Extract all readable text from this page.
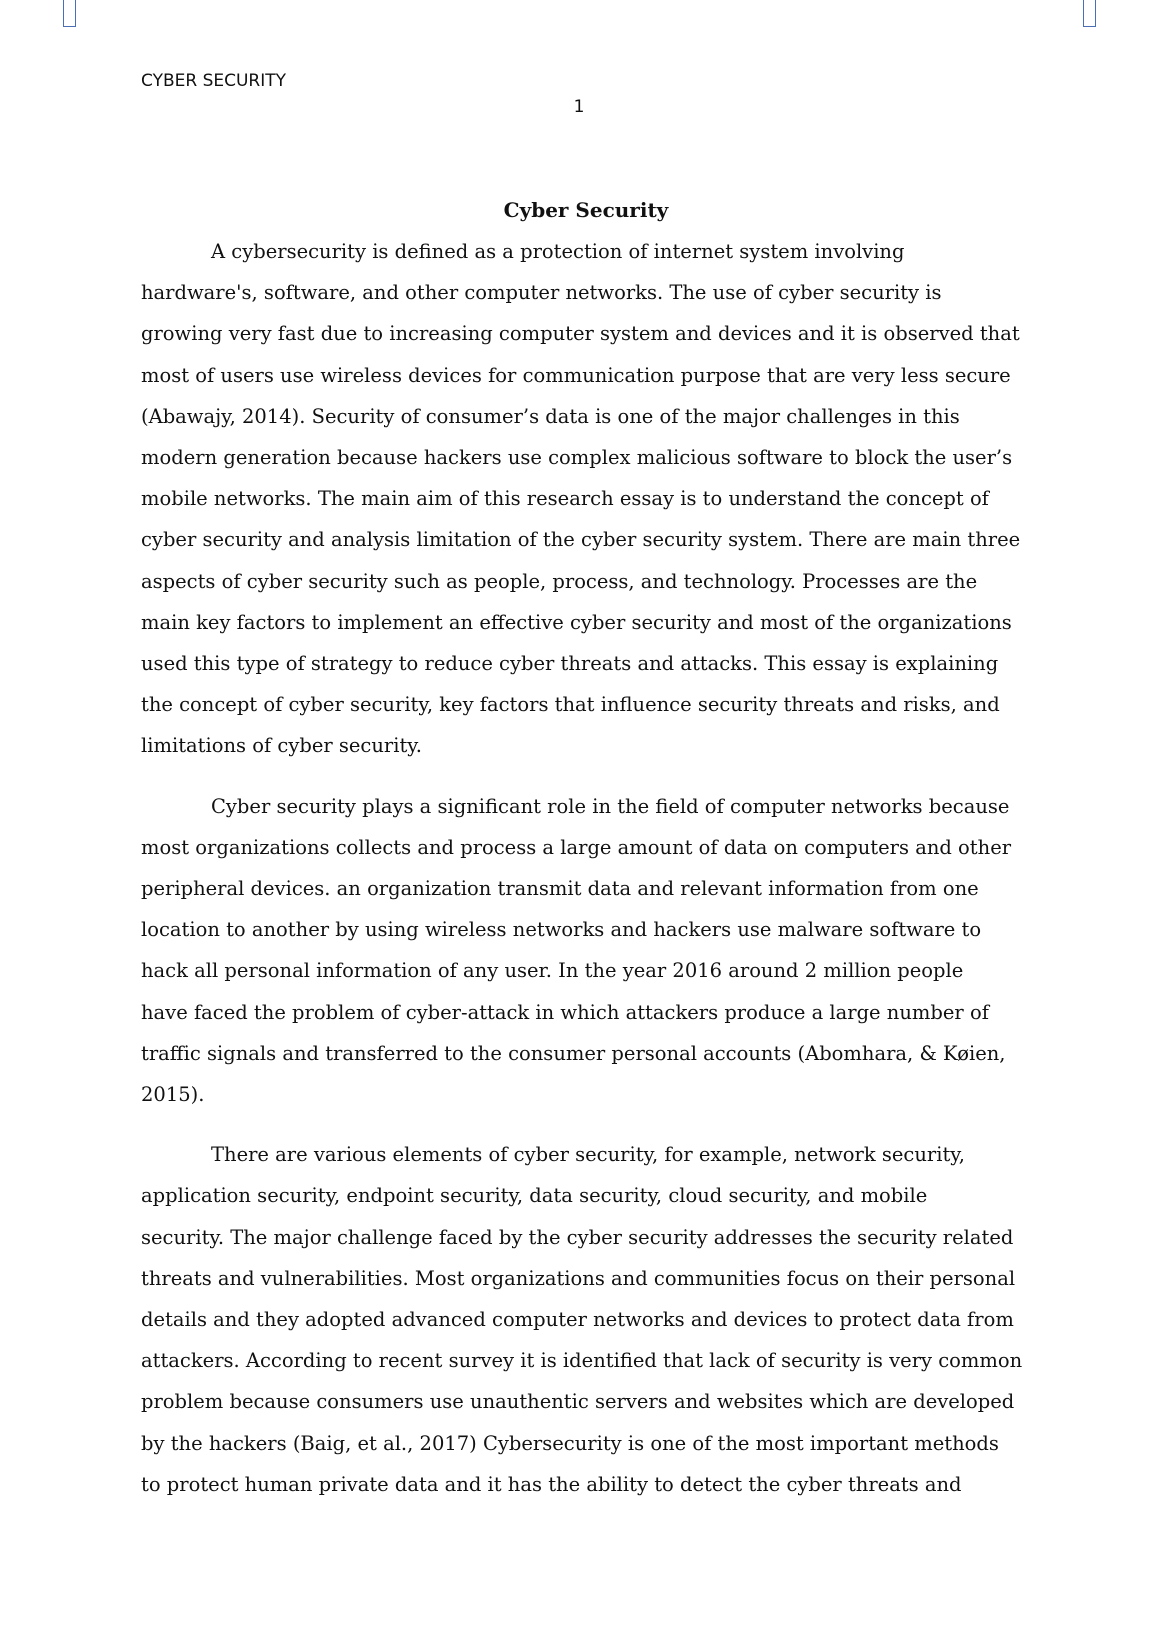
CYBER SECURITY
1
Cyber Security
A cybersecurity is defined as a protection of internet system involving
hardware's, software, and other computer networks. The use of cyber security is
growing very fast due to increasing computer system and devices and it is observed that
most of users use wireless devices for communication purpose that are very less secure
(Abawajy, 2014). Security of consumer’s data is one of the major challenges in this
modern generation because hackers use complex malicious software to block the user’s
mobile networks. The main aim of this research essay is to understand the concept of
cyber security and analysis limitation of the cyber security system. There are main three
aspects of cyber security such as people, process, and technology. Processes are the
main key factors to implement an effective cyber security and most of the organizations
used this type of strategy to reduce cyber threats and attacks. This essay is explaining
the concept of cyber security, key factors that influence security threats and risks, and
limitations of cyber security.
Cyber security plays a significant role in the field of computer networks because
most organizations collects and process a large amount of data on computers and other
peripheral devices. an organization transmit data and relevant information from one
location to another by using wireless networks and hackers use malware software to
hack all personal information of any user. In the year 2016 around 2 million people
have faced the problem of cyber-attack in which attackers produce a large number of
traffic signals and transferred to the consumer personal accounts (Abomhara, & Køien,
2015).
There are various elements of cyber security, for example, network security,
application security, endpoint security, data security, cloud security, and mobile
security. The major challenge faced by the cyber security addresses the security related
threats and vulnerabilities. Most organizations and communities focus on their personal
details and they adopted advanced computer networks and devices to protect data from
attackers. According to recent survey it is identified that lack of security is very common
problem because consumers use unauthentic servers and websites which are developed
by the hackers (Baig, et al., 2017) Cybersecurity is one of the most important methods
to protect human private data and it has the ability to detect the cyber threats and
